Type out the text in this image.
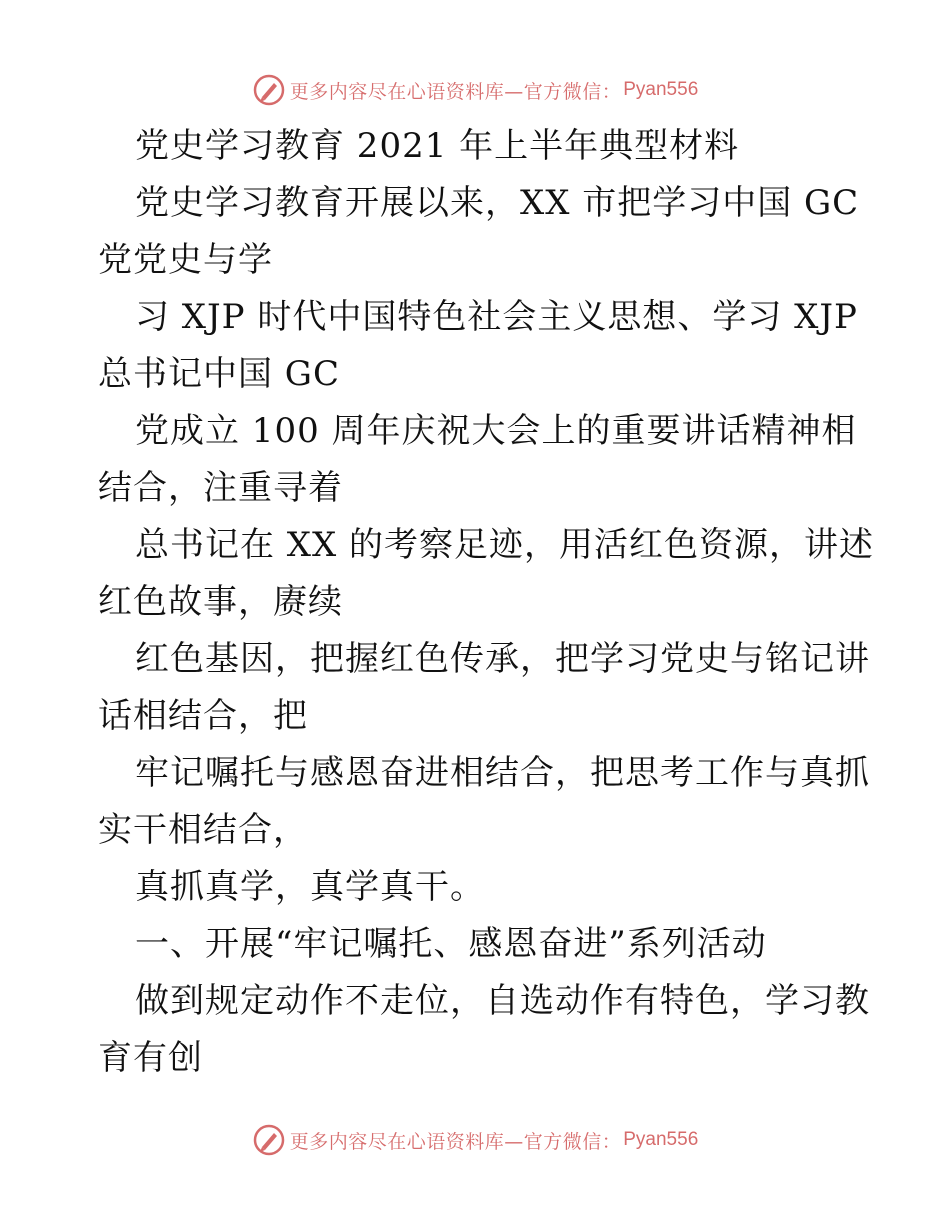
更多内容尽在心语资料库—官方微信： Pyan556

党史学习教育 2021 年上半年典型材料

党史学习教育开展以来，XX 市把学习中国 GC

党党史与学

习 XJP 时代中国特色社会主义思想、学习 XJP

总书记中国 GC

党成立 100 周年庆祝大会上的重要讲话精神相

结合，注重寻着

总书记在 XX 的考察足迹，用活红色资源，讲述

红色故事，赓续

红色基因，把握红色传承，把学习党史与铭记讲

话相结合，把

牢记嘱托与感恩奋进相结合，把思考工作与真抓

实干相结合，

真抓真学，真学真干。

一、开展“牢记嘱托、感恩奋进”系列活动

做到规定动作不走位，自选动作有特色，学习教

育有创

更多内容尽在心语资料库—官方微信： Pyan556
